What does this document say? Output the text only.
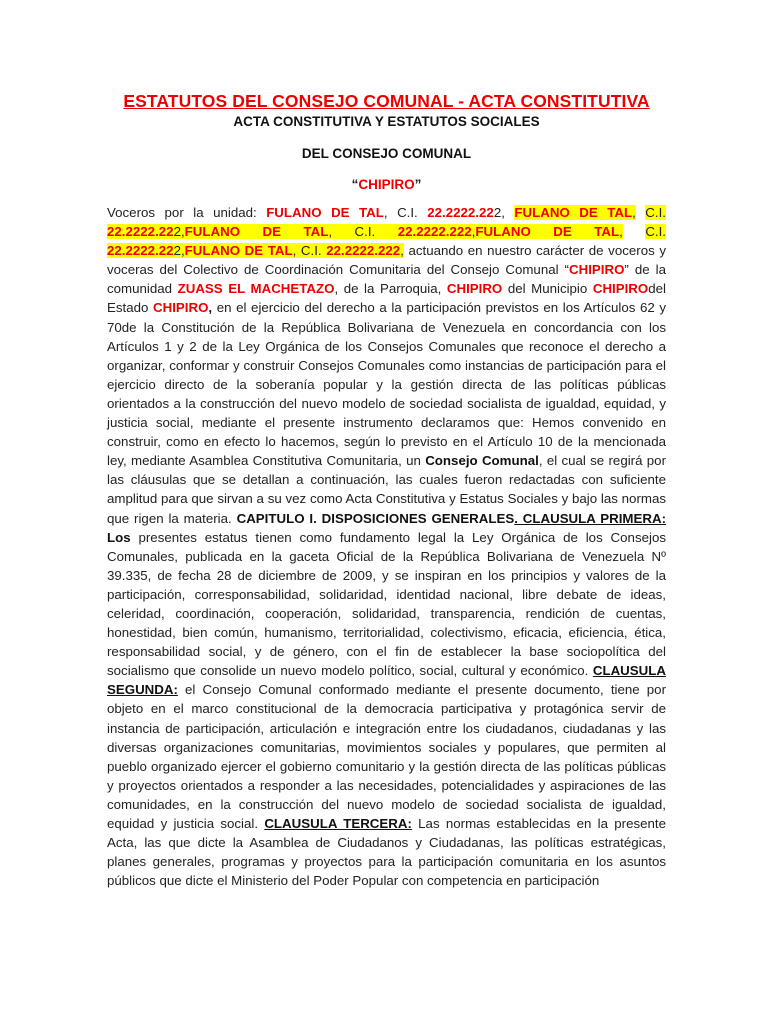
ESTATUTOS DEL CONSEJO COMUNAL - ACTA CONSTITUTIVA

ACTA CONSTITUTIVA Y ESTATUTOS SOCIALES

DEL CONSEJO COMUNAL

“CHIPIRO”

Voceros por la unidad: FULANO DE TAL, C.I. 22.2222.222, FULANO DE TAL, C.I. 22.2222.222,FULANO DE TAL, C.I. 22.2222.222,FULANO DE TAL, C.I. 22.2222.222,FULANO DE TAL, C.I. 22.2222.222, actuando en nuestro carácter de voceros y voceras del Colectivo de Coordinación Comunitaria del Consejo Comunal “CHIPIRO” de la comunidad ZUASS EL MACHETAZO, de la Parroquia, CHIPIRO del Municipio CHIPIROdel Estado CHIPIRO, en el ejercicio del derecho a la participación previstos en los Artículos 62 y 70de la Constitución de la República Bolivariana de Venezuela en concordancia con los Artículos 1 y 2 de la Ley Orgánica de los Consejos Comunales que reconoce el derecho a organizar, conformar y construir Consejos Comunales como instancias de participación para el ejercicio directo de la soberanía popular y la gestión directa de las políticas públicas orientados a la construcción del nuevo modelo de sociedad socialista de igualdad, equidad, y justicia social, mediante el presente instrumento declaramos que: Hemos convenido en construir, como en efecto lo hacemos, según lo previsto en el Artículo 10 de la mencionada ley, mediante Asamblea Constitutiva Comunitaria, un Consejo Comunal, el cual se regirá por las cláusulas que se detallan a continuación, las cuales fueron redactadas con suficiente amplitud para que sirvan a su vez como Acta Constitutiva y Estatus Sociales y bajo las normas que rigen la materia. CAPITULO I. DISPOSICIONES GENERALES. CLAUSULA PRIMERA: Los presentes estatus tienen como fundamento legal la Ley Orgánica de los Consejos Comunales, publicada en la gaceta Oficial de la República Bolivariana de Venezuela Nº 39.335, de fecha 28 de diciembre de 2009, y se inspiran en los principios y valores de la participación, corresponsabilidad, solidaridad, identidad nacional, libre debate de ideas, celeridad, coordinación, cooperación, solidaridad, transparencia, rendición de cuentas, honestidad, bien común, humanismo, territorialidad, colectivismo, eficacia, eficiencia, ética, responsabilidad social, y de género, con el fin de establecer la base sociopolítica del socialismo que consolide un nuevo modelo político, social, cultural y económico. CLAUSULA SEGUNDA: el Consejo Comunal conformado mediante el presente documento, tiene por objeto en el marco constitucional de la democracia participativa y protagónica servir de instancia de participación, articulación e integración entre los ciudadanos, ciudadanas y las diversas organizaciones comunitarias, movimientos sociales y populares, que permiten al pueblo organizado ejercer el gobierno comunitario y la gestión directa de las políticas públicas y proyectos orientados a responder a las necesidades, potencialidades y aspiraciones de las comunidades, en la construcción del nuevo modelo de sociedad socialista de igualdad, equidad y justicia social. CLAUSULA TERCERA: Las normas establecidas en la presente Acta, las que dicte la Asamblea de Ciudadanos y Ciudadanas, las políticas estratégicas, planes generales, programas y proyectos para la participación comunitaria en los asuntos públicos que dicte el Ministerio del Poder Popular con competencia en participación
